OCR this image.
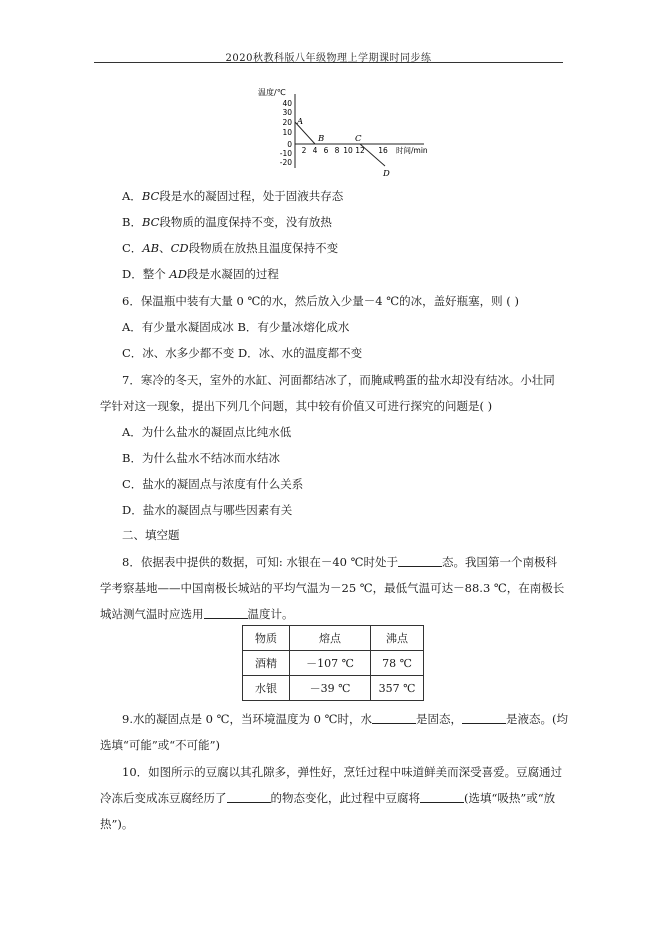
2020秋教科版八年级物理上学期课时同步练
温度/℃
40
30
20
10
0
-10
-20
2 4 6 8 10 12 16 时间/min
A
B	C
D
A．BC段是水的凝固过程，处于固液共存态
B．BC段物质的温度保持不变，没有放热
C．AB、CD段物质在放热且温度保持不变
D．整个 AD段是水凝固的过程
6．保温瓶中装有大量 0 ℃的水，然后放入少量－4 ℃的冰，盖好瓶塞，则 ( )
A．有少量水凝固成冰 B．有少量冰熔化成水
C．冰、水多少都不变 D．冰、水的温度都不变
7．寒冷的冬天，室外的水缸、河面都结冰了，而腌咸鸭蛋的盐水却没有结冰。小壮同
学针对这一现象，提出下列几个问题，其中较有价值又可进行探究的问题是( )
A．为什么盐水的凝固点比纯水低
B．为什么盐水不结冰而水结冰
C．盐水的凝固点与浓度有什么关系
D．盐水的凝固点与哪些因素有关
二、填空题
8．依据表中提供的数据，可知: 水银在－40 ℃时处于	态。我国第一个南极科
学考察基地——中国南极长城站的平均气温为－25 ℃，最低气温可达－88.3 ℃，在南极长
城站测气温时应选用	温度计。
物质	熔点	沸点
酒精	－107 ℃	78 ℃
水银	－39 ℃	357 ℃
9.水的凝固点是 0 ℃，当环境温度为 0 ℃时，水	是固态，	是液态。(均
选填“可能”或“不可能”)
10．如图所示的豆腐以其孔隙多，弹性好，烹饪过程中味道鲜美而深受喜爱。豆腐通过
冷冻后变成冻豆腐经历了	的物态变化，此过程中豆腐将	(选填“吸热”或“放
热”)。
